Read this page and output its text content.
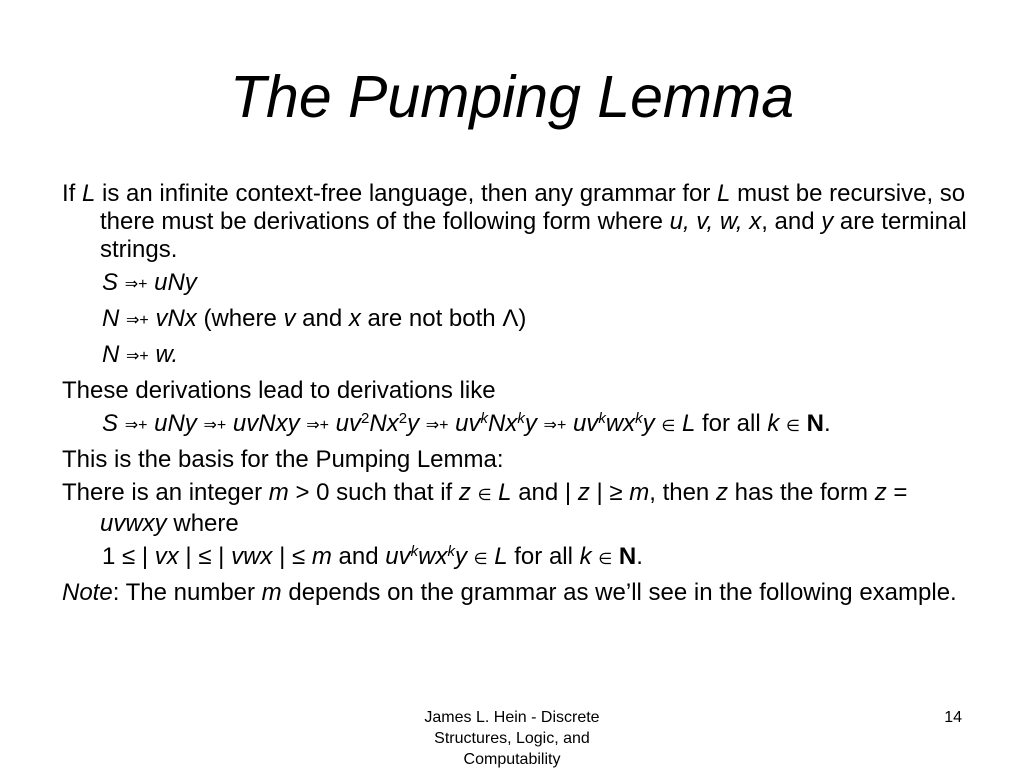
The Pumping Lemma

If L is an infinite context-free language, then any grammar for L must be recursive, so there must be derivations of the following form where u, v, w, x, and y are terminal strings.

S ⇒+ uNy

N ⇒+ vNx (where v and x are not both Λ)

N ⇒+ w.

These derivations lead to derivations like

S ⇒+ uNy ⇒+ uvNxy ⇒+ $uv^2Nx^2y$ ⇒+ $uv^kNx^ky$ ⇒+ $uv^kwx^ky$ ∈ L for all k ∈ N.

This is the basis for the Pumping Lemma:

There is an integer m > 0 such that if z ∈ L and | z | ≥ m, then z has the form z = uvwxy where

1 ≤ | vx | ≤ | vwx | ≤ m and $uv^kwx^ky$ ∈ L for all k ∈ N.

Note: The number m depends on the grammar as we’ll see in the following example.

James L. Hein - Discrete
Structures, Logic, and
Computability
14
